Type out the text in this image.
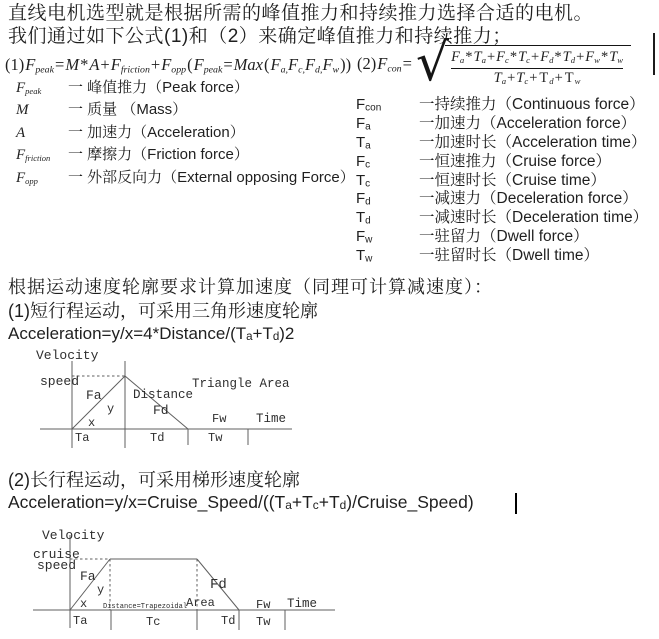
直线电机选型就是根据所需的峰值推力和持续推力选择合适的电机。
我们通过如下公式(1)和（2）来确定峰值推力和持续推力；
(1)Fpeak=M*A+Ffriction+Fopp(Fpeak=Max(Fa,Fc,Fd,Fw)) (2)Fcon= √ $\frac{Fa*Ta+Fc*Tc+Fd*Td+Fw*Tw}{Ta+Tc+ Td+ Tw}$
Fpeak	一 峰值推力（Peak force）
M	一 质量 （Mass）
A	一 加速力（Acceleration）
Ffriction	一 摩擦力（Friction force）
Fopp	一 外部反向力（External opposing Force）
Fcon	一持续推力（Continuous force）
Fa	一加速力（Acceleration force）
Ta	一加速时长（Acceleration time）
Fc	一恒速推力（Cruise force）
Tc	一恒速时长（Cruise time）
Fd	一减速力（Deceleration force）
Td	一减速时长（Deceleration time）
Fw	一驻留力（Dwell force）
Tw	一驻留时长（Dwell time）
根据运动速度轮廓要求计算加速度（同理可计算减速度）：
(1)短行程运动，可采用三角形速度轮廓
Acceleration=y/x=4*Distance/(Ta+Td)2
Velocity
speed
Fa
y
x
Distance
Fd
Triangle Area
Fw Time
Ta	Td	Tw
(2)长行程运动，可采用梯形速度轮廓
Acceleration=y/x=Cruise_Speed/((Ta+Tc+Td)/Cruise_Speed)
Velocity
cruise
speed
Fa
y
x Distance=Trapezoidal
Area
Fd
Fw Time
Ta	Tc	Td Tw
